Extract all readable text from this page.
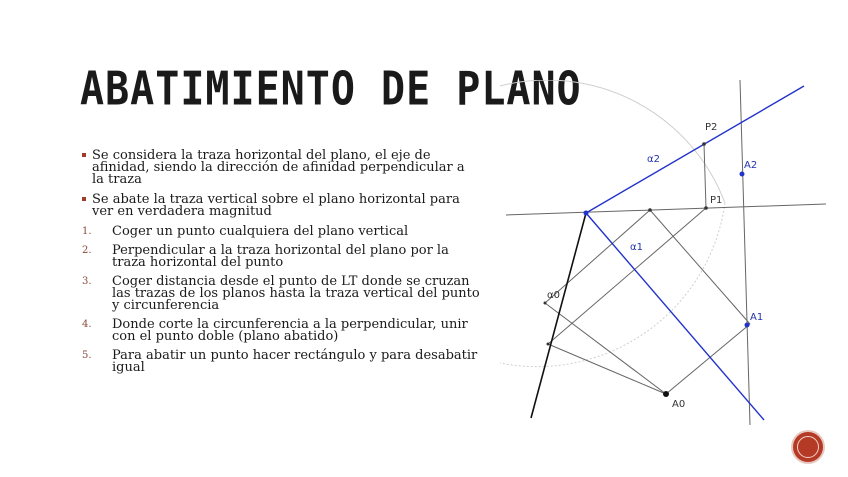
ABATIMIENTO DE PLANO
Se considera la traza horizontal del plano, el eje de afinidad, siendo la dirección de afinidad perpendicular a la traza
Se abate la traza vertical sobre el plano horizontal para ver en verdadera magnitud
1. Coger un punto cualquiera del plano vertical
2. Perpendicular a la traza horizontal del plano por la traza horizontal del punto
3. Coger distancia desde el punto de LT donde se cruzan las trazas de los planos hasta la traza vertical del punto y circunferencia
4. Donde corte la circunferencia a la perpendicular, unir con el punto doble (plano abatido)
5. Para abatir un punto hacer rectángulo y para desabatir igual
P2
P1
A2
A1
α2
α1
α0
A0
